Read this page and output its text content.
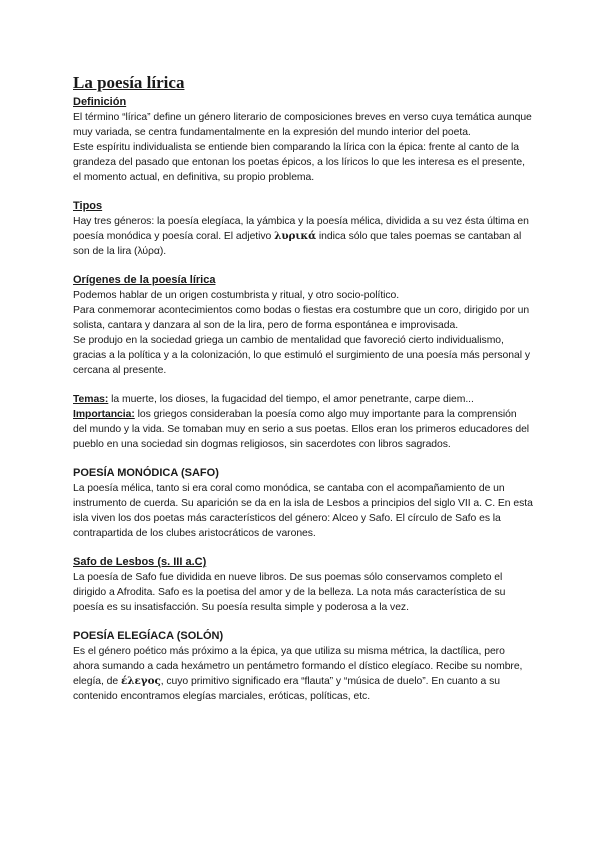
La poesía lírica
Definición

El término “lírica” define un género literario de composiciones breves en verso cuya temática aunque muy variada, se centra fundamentalmente en la expresión del mundo interior del poeta.

Este espíritu individualista se entiende bien comparando la lírica con la épica: frente al canto de la grandeza del pasado que entonan los poetas épicos, a los líricos lo que les interesa es el presente, el momento actual, en definitiva, su propio problema.

Tipos

Hay tres géneros: la poesía elegíaca, la yámbica y la poesía mélica, dividida a su vez ésta última en poesía monódica y poesía coral. El adjetivo λυρικά indica sólo que tales poemas se cantaban al son de la lira (λύρα).

Orígenes de la poesía lírica

Podemos hablar de un origen costumbrista y ritual, y otro socio-político.

Para conmemorar acontecimientos como bodas o fiestas era costumbre que un coro, dirigido por un solista, cantara y danzara al son de la lira, pero de forma espontánea e improvisada.

Se produjo en la sociedad griega un cambio de mentalidad que favoreció cierto individualismo, gracias a la política y a la colonización, lo que estimuló el surgimiento de una poesía más personal y cercana al presente.

Temas: la muerte, los dioses, la fugacidad del tiempo, el amor penetrante, carpe diem...

Importancia: los griegos consideraban la poesía como algo muy importante para la comprensión del mundo y la vida. Se tomaban muy en serio a sus poetas. Ellos eran los primeros educadores del pueblo en una sociedad sin dogmas religiosos, sin sacerdotes con libros sagrados.

POESÍA MONÓDICA (SAFO)

La poesía mélica, tanto si era coral como monódica, se cantaba con el acompañamiento de un instrumento de cuerda. Su aparición se da en la isla de Lesbos a principios del siglo VII a. C. En esta isla viven los dos poetas más característicos del género: Alceo y Safo. El círculo de Safo es la contrapartida de los clubes aristocráticos de varones.

Safo de Lesbos (s. III a.C)

La poesía de Safo fue dividida en nueve libros. De sus poemas sólo conservamos completo el dirigido a Afrodita. Safo es la poetisa del amor y de la belleza. La nota más característica de su poesía es su insatisfacción. Su poesía resulta simple y poderosa a la vez.

POESÍA ELEGÍACA (SOLÓN)

Es el género poético más próximo a la épica, ya que utiliza su misma métrica, la dactílica, pero ahora sumando a cada hexámetro un pentámetro formando el dístico elegíaco. Recibe su nombre, elegía, de έλεγος, cuyo primitivo significado era “flauta” y “música de duelo”. En cuanto a su contenido encontramos elegías marciales, eróticas, políticas, etc.
